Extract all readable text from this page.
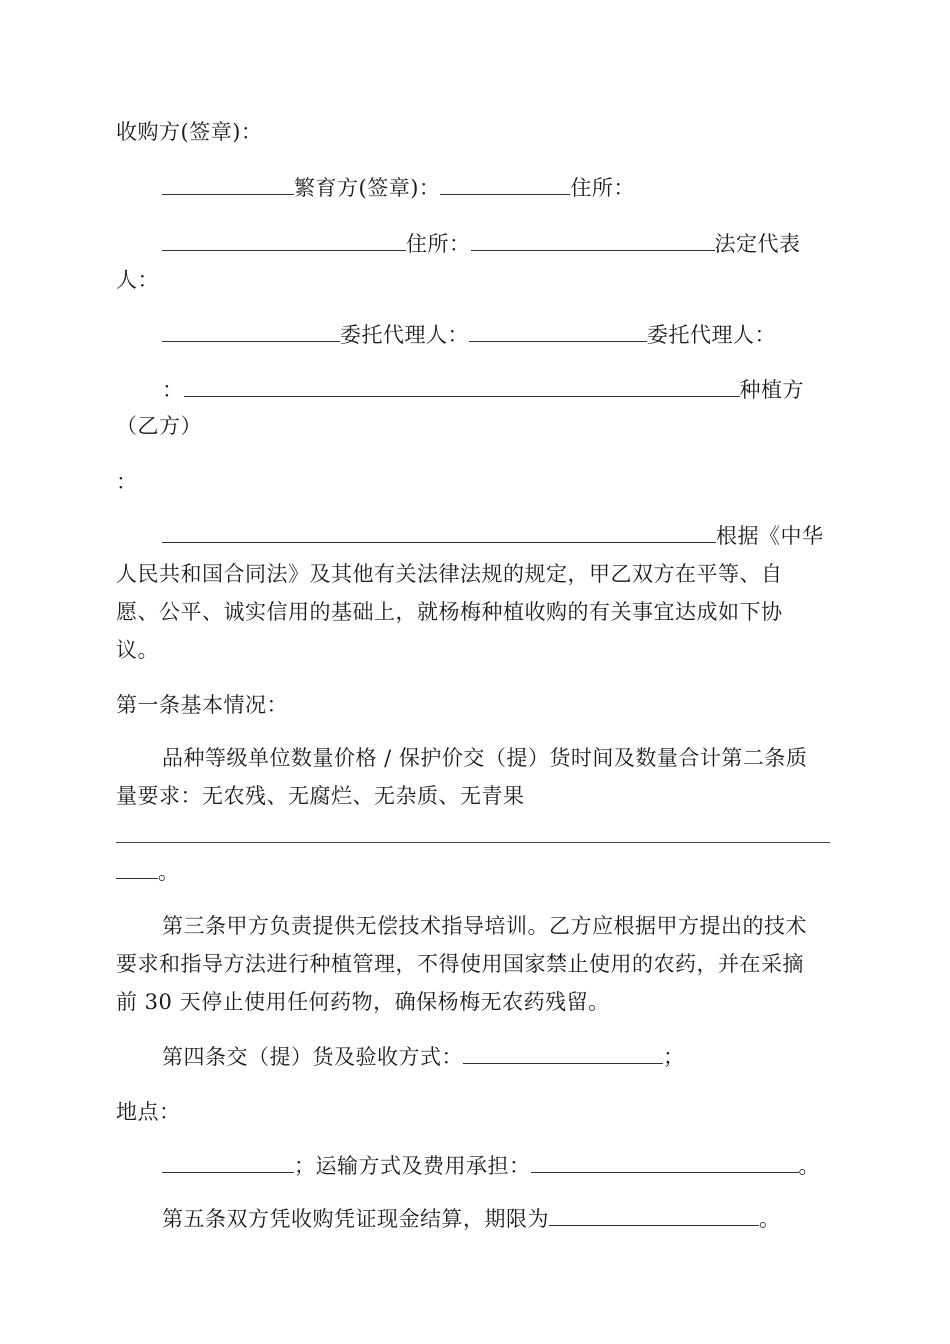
收购方(签章)：
繁育方(签章)：	住所：
住所：	法定代表
人：
委托代理人：	委托代理人：
：	种植方
（乙方）
：
根据《中华
人民共和国合同法》及其他有关法律法规的规定，甲乙双方在平等、自
愿、公平、诚实信用的基础上，就杨梅种植收购的有关事宜达成如下协
议。
第一条基本情况：
品种等级单位数量价格 / 保护价交（提）货时间及数量合计第二条质
量要求：无农残、无腐烂、无杂质、无青果
。
第三条甲方负责提供无偿技术指导培训。乙方应根据甲方提出的技术
要求和指导方法进行种植管理，不得使用国家禁止使用的农药，并在采摘
前 30 天停止使用任何药物，确保杨梅无农药残留。
第四条交（提）货及验收方式：	；
地点：
；运输方式及费用承担：	。
第五条双方凭收购凭证现金结算，期限为	。
